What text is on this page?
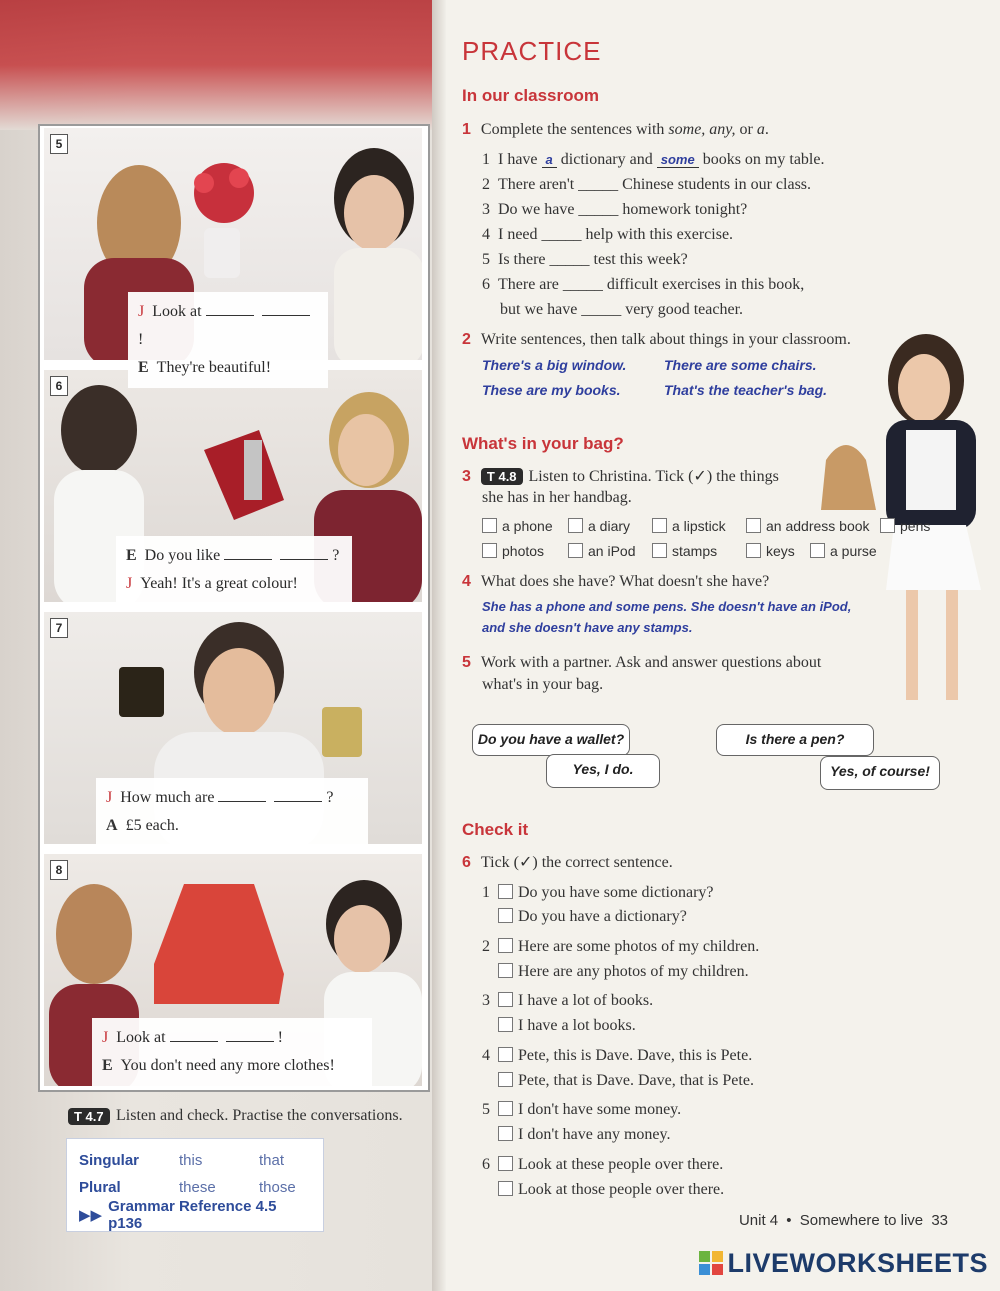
5
J Look at!
E They're beautiful!
6
E Do you like	?
J Yeah! It's a great colour!
7
J How much are	?
A £5 each.
8
J Look at	!
E You don't need any more clothes!
T 4.7 Listen and check. Practise the conversations.
Singular	this	that
Plural	these	those
▶▶
Grammar Reference 4.5 p136
PRACTICE
In our classroom
1 Complete the sentences with some, any, or a.
1 I have a dictionary and some books on my table.
2 There aren't _____ Chinese students in our class.
3 Do we have _____ homework tonight?
4 I need _____ help with this exercise.
5 Is there _____ test this week?
6 There are _____ difficult exercises in this book,
but we have _____ very good teacher.
2 Write sentences, then talk about things in your classroom.
There's a big window.	There are some chairs.
These are my books.	That's the teacher's bag.
What's in your bag?
3 T 4.8 Listen to Christina. Tick (✓) the things
she has in her handbag.
a phone	a diary	a lipstick	an address book	pens
photos	an iPod	stamps	keys	a purse
4 What does she have? What doesn't she have?
She has a phone and some pens. She doesn't have an iPod,
and she doesn't have any stamps.
5 Work with a partner. Ask and answer questions about
what's in your bag.
Do you have a wallet?
Yes, I do.
Is there a pen?
Yes, of course!
Check it
6 Tick (✓) the correct sentence.
1 Do you have some dictionary?
Do you have a dictionary?
2 Here are some photos of my children.
Here are any photos of my children.
3 I have a lot of books.
I have a lot books.
4 Pete, this is Dave. Dave, this is Pete.
Pete, that is Dave. Dave, that is Pete.
5 I don't have some money.
I don't have any money.
6 Look at these people over there.
Look at those people over there.
Unit 4 • Somewhere to live 33
LIVEWORKSHEETS
